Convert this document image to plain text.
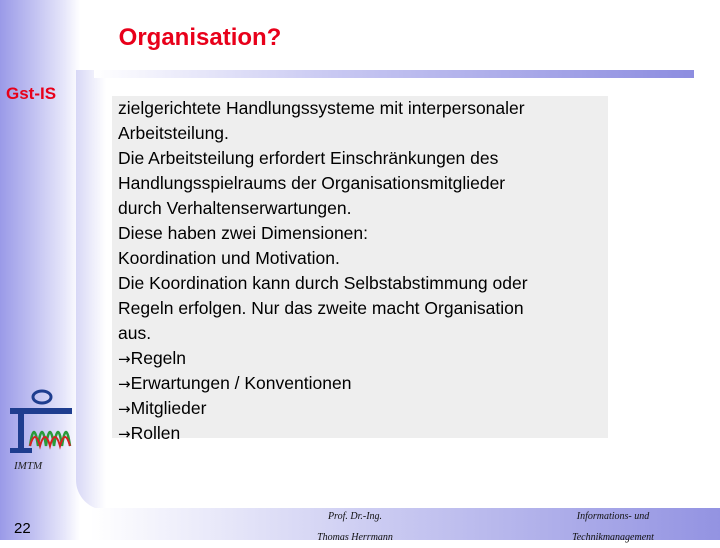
Organisation?
Gst-IS
zielgerichtete Handlungssysteme mit interpersonaler
Arbeitsteilung.
Die Arbeitsteilung erfordert Einschränkungen des
Handlungsspielraums der Organisationsmitglieder
durch Verhaltenserwartungen.
Diese haben zwei Dimensionen:
Koordination und Motivation.
Die Koordination kann durch Selbstabstimmung oder
Regeln erfolgen. Nur das zweite macht Organisation
aus.
→Regeln
→Erwartungen / Konventionen
→Mitglieder
→Rollen
IMTM
22
Prof. Dr.-Ing.
Thomas Herrmann
Informations- und
Technikmanagement
